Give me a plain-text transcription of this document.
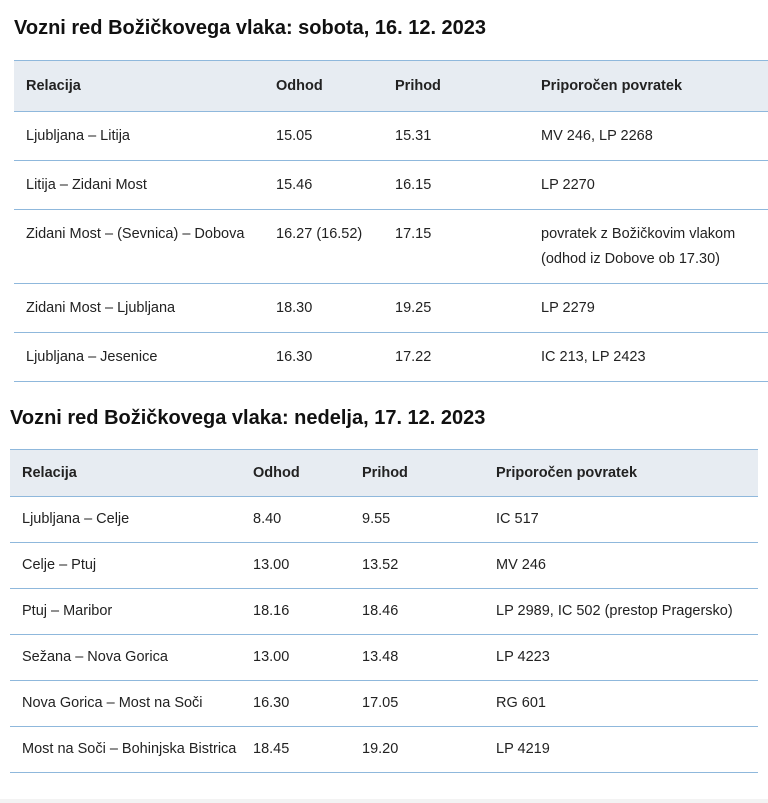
Vozni red Božičkovega vlaka: sobota, 16. 12. 2023
Relacija	Odhod	Prihod	Priporočen povratek
Ljubljana – Litija	15.05	15.31	MV 246, LP 2268
Litija – Zidani Most	15.46	16.15	LP 2270
Zidani Most – (Sevnica) – Dobova	16.27 (16.52)	17.15	povratek z Božičkovim vlakom (odhod iz Dobove ob 17.30)
Zidani Most – Ljubljana	18.30	19.25	LP 2279
Ljubljana – Jesenice	16.30	17.22	IC 213, LP 2423
Vozni red Božičkovega vlaka: nedelja, 17. 12. 2023
Relacija	Odhod	Prihod	Priporočen povratek
Ljubljana – Celje	8.40	9.55	IC 517
Celje – Ptuj	13.00	13.52	MV 246
Ptuj – Maribor	18.16	18.46	LP 2989, IC 502 (prestop Pragersko)
Sežana – Nova Gorica	13.00	13.48	LP 4223
Nova Gorica – Most na Soči	16.30	17.05	RG 601
Most na Soči – Bohinjska Bistrica	18.45	19.20	LP 4219
